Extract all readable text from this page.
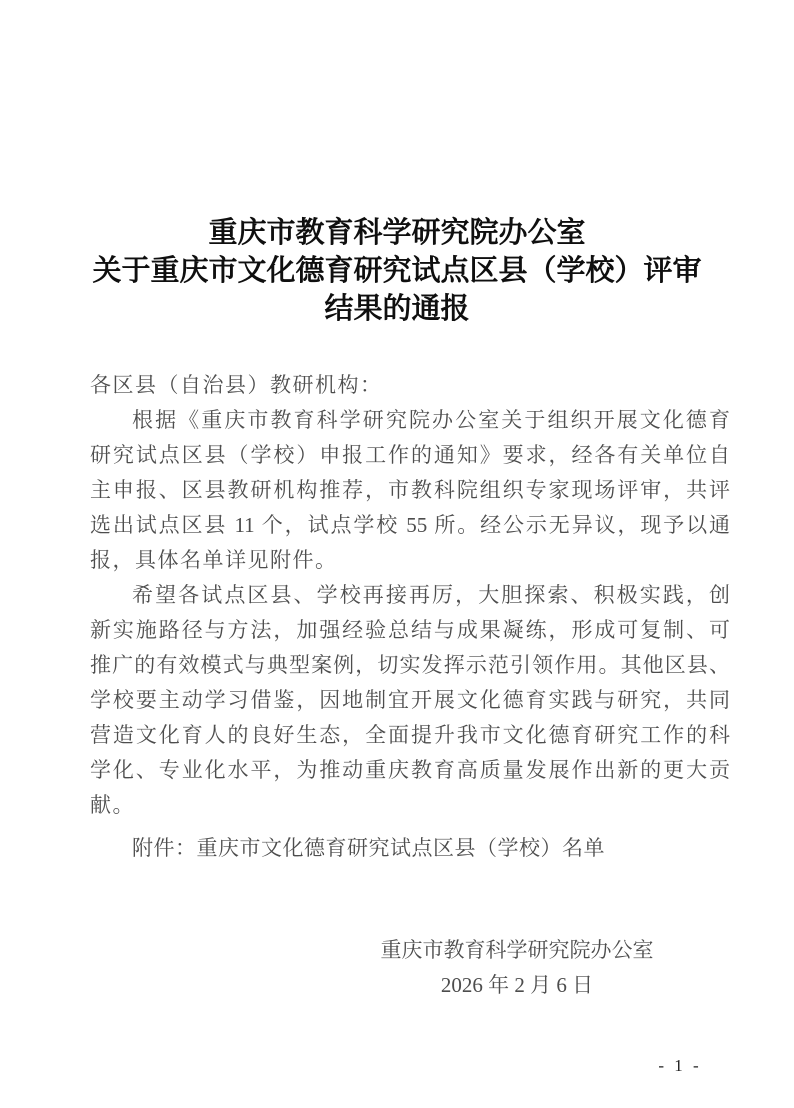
重庆市教育科学研究院办公室
关于重庆市文化德育研究试点区县（学校）评审
结果的通报
各区县（自治县）教研机构：
根据《重庆市教育科学研究院办公室关于组织开展文化德育
研究试点区县（学校）申报工作的通知》要求，经各有关单位自
主申报、区县教研机构推荐，市教科院组织专家现场评审，共评
选出试点区县 11 个，试点学校 55 所。经公示无异议，现予以通
报，具体名单详见附件。
希望各试点区县、学校再接再厉，大胆探索、积极实践，创
新实施路径与方法，加强经验总结与成果凝练，形成可复制、可
推广的有效模式与典型案例，切实发挥示范引领作用。其他区县、
学校要主动学习借鉴，因地制宜开展文化德育实践与研究，共同
营造文化育人的良好生态，全面提升我市文化德育研究工作的科
学化、专业化水平，为推动重庆教育高质量发展作出新的更大贡
献。
附件：重庆市文化德育研究试点区县（学校）名单
重庆市教育科学研究院办公室
2026 年 2 月 6 日
- 1 -
